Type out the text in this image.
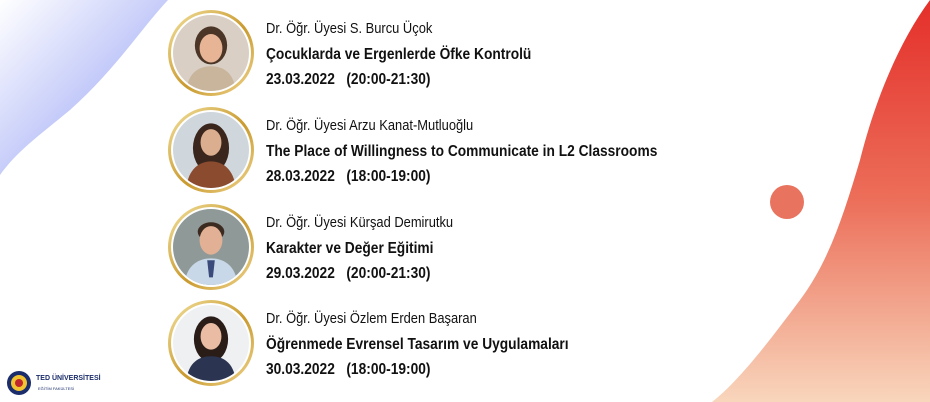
Dr. Öğr. Üyesi S. Burcu Üçok
Çocuklarda ve Ergenlerde Öfke Kontrolü
23.03.2022 (20:00-21:30)
Dr. Öğr. Üyesi Arzu Kanat-Mutluoğlu
The Place of Willingness to Communicate in L2 Classrooms
28.03.2022 (18:00-19:00)
Dr. Öğr. Üyesi Kürşad Demirutku
Karakter ve Değer Eğitimi
29.03.2022 (20:00-21:30)
Dr. Öğr. Üyesi Özlem Erden Başaran
Öğrenmede Evrensel Tasarım ve Uygulamaları
30.03.2022 (18:00-19:00)
TED ÜNİVERSİTESİ
EĞİTİM FAKÜLTESİ
